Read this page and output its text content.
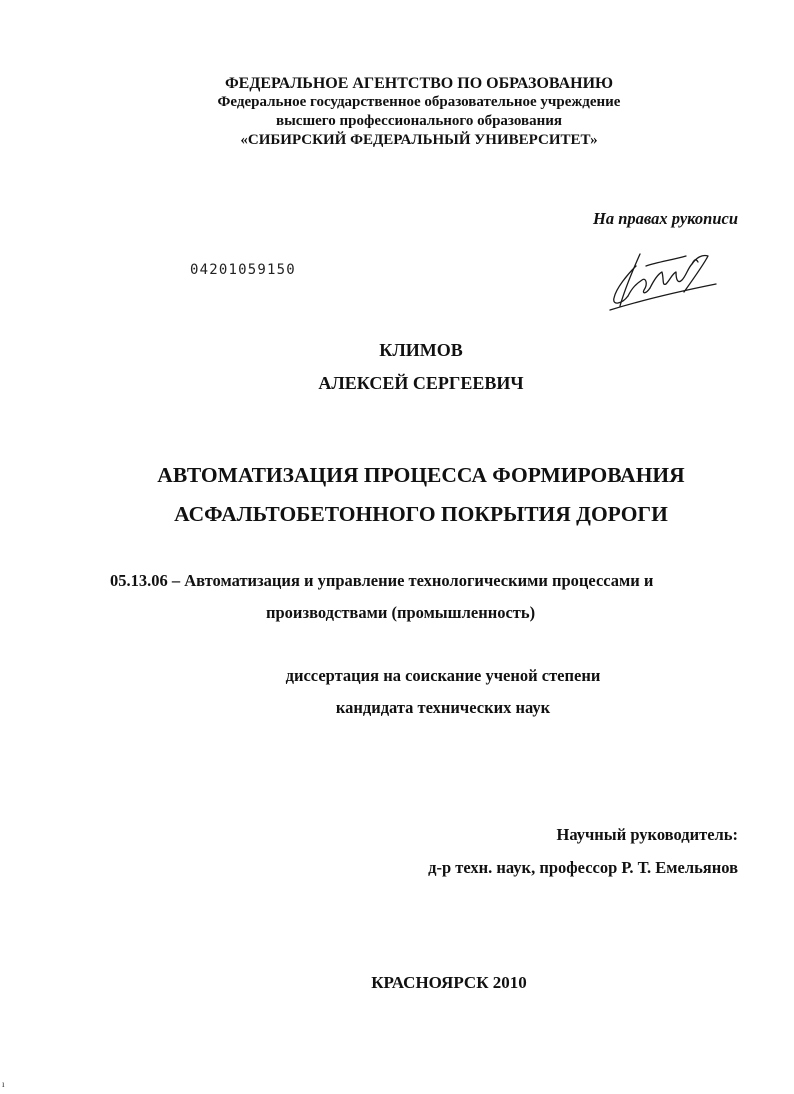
ФЕДЕРАЛЬНОЕ АГЕНТСТВО ПО ОБРАЗОВАНИЮ
Федеральное государственное образовательное учреждение
высшего профессионального образования
«СИБИРСКИЙ ФЕДЕРАЛЬНЫЙ УНИВЕРСИТЕТ»
На правах рукописи
04201059150
КЛИМОВ
АЛЕКСЕЙ СЕРГЕЕВИЧ
АВТОМАТИЗАЦИЯ ПРОЦЕССА ФОРМИРОВАНИЯ
АСФАЛЬТОБЕТОННОГО ПОКРЫТИЯ ДОРОГИ
05.13.06 – Автоматизация и управление технологическими процессами и
производствами (промышленность)
диссертация на соискание ученой степени
кандидата технических наук
Научный руководитель:
д-р техн. наук, профессор Р. Т. Емельянов
КРАСНОЯРСК 2010
ı
